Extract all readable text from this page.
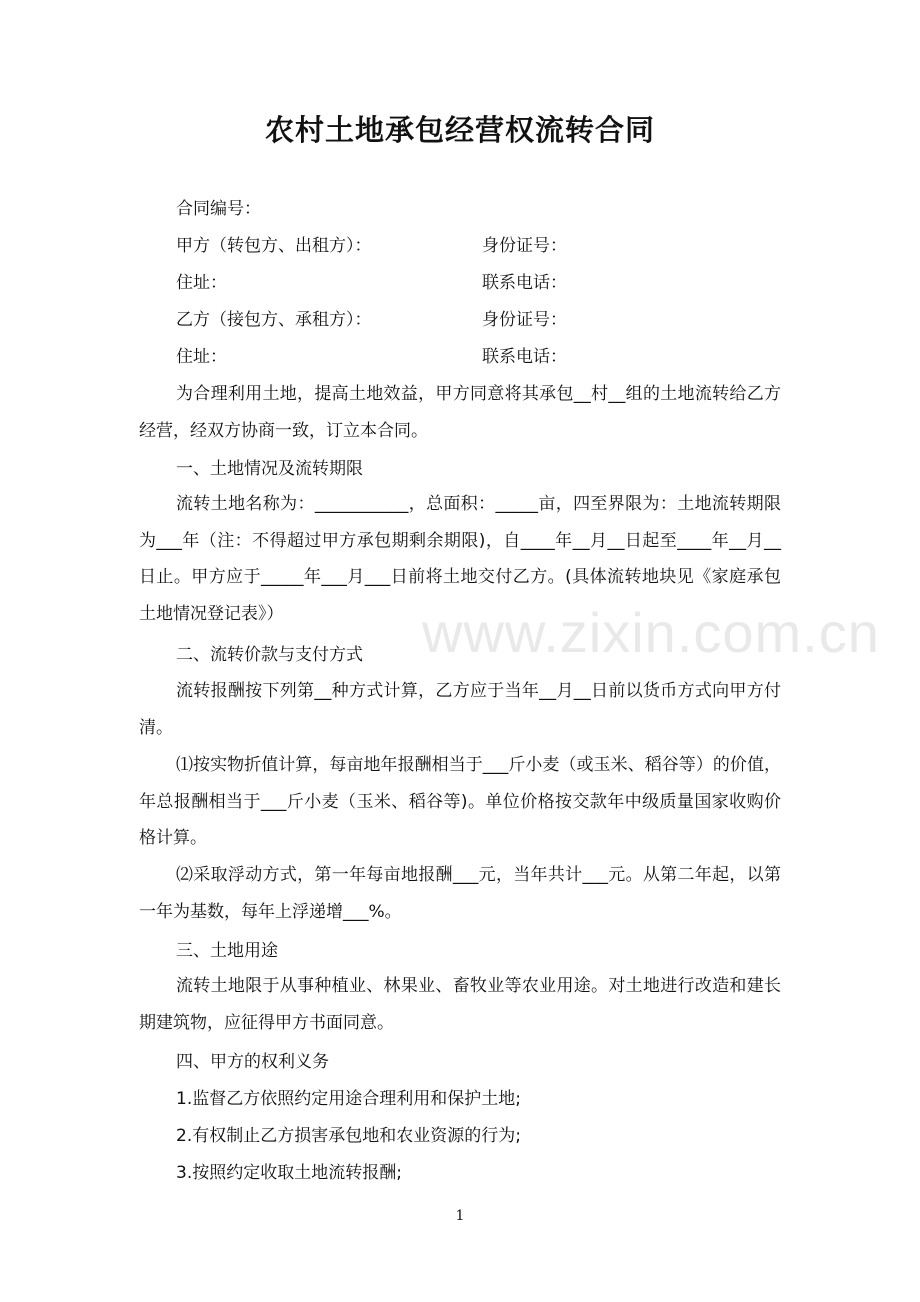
www.zixin.com.cn
农村土地承包经营权流转合同
合同编号：
甲方（转包方、出租方）：	身份证号：
住址：	联系电话：
乙方（接包方、承租方）：	身份证号：
住址：	联系电话：

为合理利用土地，提高土地效益，甲方同意将其承包__村__组的土地流转给乙方经营，经双方协商一致，订立本合同。

一、土地情况及流转期限

流转土地名称为：___________，总面积：_____亩，四至界限为：土地流转期限为___年（注：不得超过甲方承包期剩余期限)，自____年__月__日起至____年__月__日止。甲方应于_____年___月___日前将土地交付乙方。(具体流转地块见《家庭承包土地情况登记表》）

二、流转价款与支付方式

流转报酬按下列第__种方式计算，乙方应于当年__月__日前以货币方式向甲方付清。

⑴按实物折值计算，每亩地年报酬相当于___斤小麦（或玉米、稻谷等）的价值，年总报酬相当于___斤小麦（玉米、稻谷等)。单位价格按交款年中级质量国家收购价格计算。

⑵采取浮动方式，第一年每亩地报酬___元，当年共计___元。从第二年起，以第一年为基数，每年上浮递增___%。

三、土地用途

流转土地限于从事种植业、林果业、畜牧业等农业用途。对土地进行改造和建长期建筑物，应征得甲方书面同意。

四、甲方的权利义务
1.监督乙方依照约定用途合理利用和保护土地;
2.有权制止乙方损害承包地和农业资源的行为;
3.按照约定收取土地流转报酬;
1
